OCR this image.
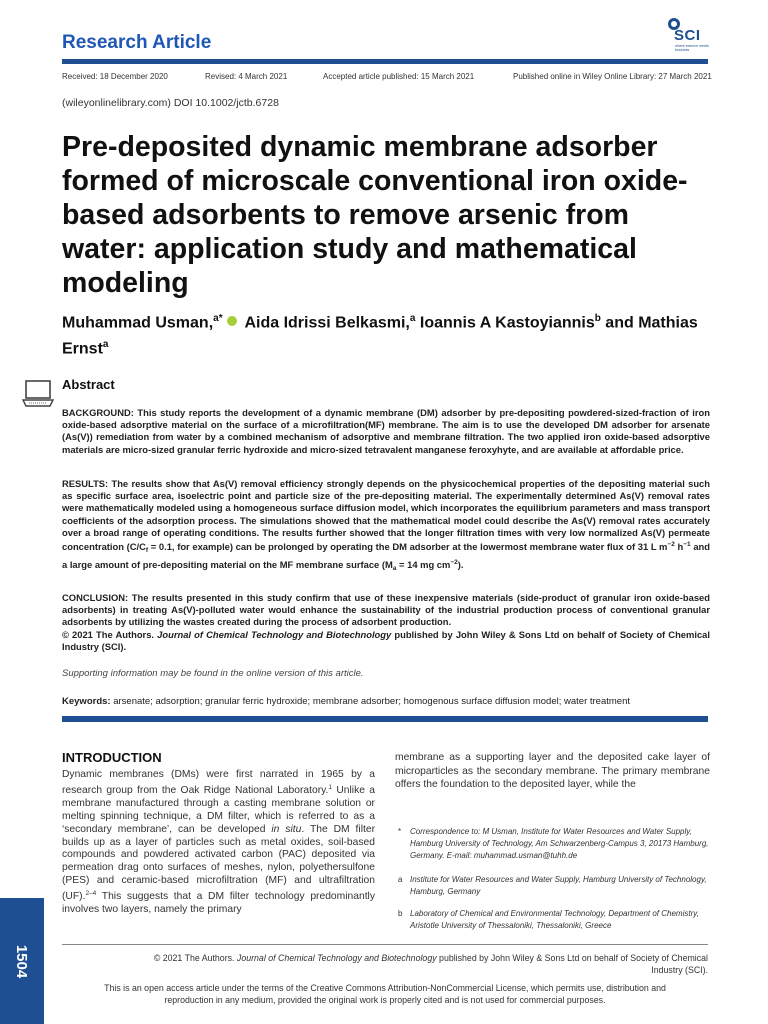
Research Article	SCI
where science meets business
Received: 18 December 2020	Revised: 4 March 2021	Accepted article published: 15 March 2021	Published online in Wiley Online Library: 27 March 2021
(wileyonlinelibrary.com) DOI 10.1002/jctb.6728
Pre-deposited dynamic membrane adsorber formed of microscale conventional iron oxide-based adsorbents to remove arsenic from water: application study and mathematical modeling
Muhammad Usman,$^{a*}$ Aida Idrissi Belkasmi,$^a$ Ioannis A Kastoyiannis$^b$ and Mathias Ernst$^a$
Abstract

BACKGROUND: This study reports the development of a dynamic membrane (DM) adsorber by pre-depositing powdered-sized-fraction of iron oxide-based adsorptive material on the surface of a microfiltration(MF) membrane. The aim is to use the developed DM adsorber for arsenate (As(V)) remediation from water by a combined mechanism of adsorptive and membrane filtration. The two applied iron oxide-based adsorptive materials are micro-sized granular ferric hydroxide and micro-sized tetravalent manganese feroxyhyte, and are available at affordable price.

RESULTS: The results show that As(V) removal efficiency strongly depends on the physicochemical properties of the depositing material such as specific surface area, isoelectric point and particle size of the pre-depositing material. The experimentally determined As(V) removal rates were mathematically modeled using a homogeneous surface diffusion model, which incorporates the equilibrium parameters and mass transport coefficients of the adsorption process. The simulations showed that the mathematical model could describe the As(V) removal rates accurately over a broad range of operating conditions. The results further showed that the longer filtration times with very low normalized As(V) permeate concentration ($C/C_f = 0.1$, for example) can be prolonged by operating the DM adsorber at the lowermost membrane water flux of 31 L $m^{-2}$ $h^{-1}$ and a large amount of pre-depositing material on the MF membrane surface ($M_a = 14$ mg $cm^{-2}$).

CONCLUSION: The results presented in this study confirm that use of these inexpensive materials (side-product of granular iron oxide-based adsorbents) in treating As(V)-polluted water would enhance the sustainability of the industrial production process of conventional granular adsorbents by utilizing the wastes created during the process of adsorbent production.
© 2021 The Authors. Journal of Chemical Technology and Biotechnology published by John Wiley & Sons Ltd on behalf of Society of Chemical Industry (SCI).

Supporting information may be found in the online version of this article.
Keywords: arsenate; adsorption; granular ferric hydroxide; membrane adsorber; homogenous surface diffusion model; water treatment
INTRODUCTION

Dynamic membranes (DMs) were first narrated in 1965 by a research group from the Oak Ridge National Laboratory.$^1$ Unlike a membrane manufactured through a casting membrane solution or melting spinning technique, a DM filter, which is referred to as a ‘secondary membrane’, can be developed in situ. The DM filter builds up as a layer of particles such as metal oxides, soil-based compounds and powdered activated carbon (PAC) deposited via permeation drag onto surfaces of meshes, nylon, polyethersulfone (PES) and ceramic-based microfiltration (MF) and ultrafiltration (UF).$^{2-4}$ This suggests that a DM filter technology predominantly involves two layers, namely the primary

membrane as a supporting layer and the deposited cake layer of microparticles as the secondary membrane. The primary membrane offers the foundation to the deposited layer, while the

*	Correspondence to: M Usman, Institute for Water Resources and Water Supply, Hamburg University of Technology, Am Schwarzenberg-Campus 3, 20173 Hamburg, Germany. E-mail: muhammad.usman@tuhh.de
a Institute for Water Resources and Water Supply, Hamburg University of Technology, Hamburg, Germany
b Laboratory of Chemical and Environmental Technology, Department of Chemistry, Aristotle University of Thessaloniki, Thessaloniki, Greece
1504	© 2021 The Authors. Journal of Chemical Technology and Biotechnology published by John Wiley & Sons Ltd on behalf of Society of Chemical
Industry (SCI).
This is an open access article under the terms of the Creative Commons Attribution-NonCommercial License, which permits use, distribution and
reproduction in any medium, provided the original work is properly cited and is not used for commercial purposes.
